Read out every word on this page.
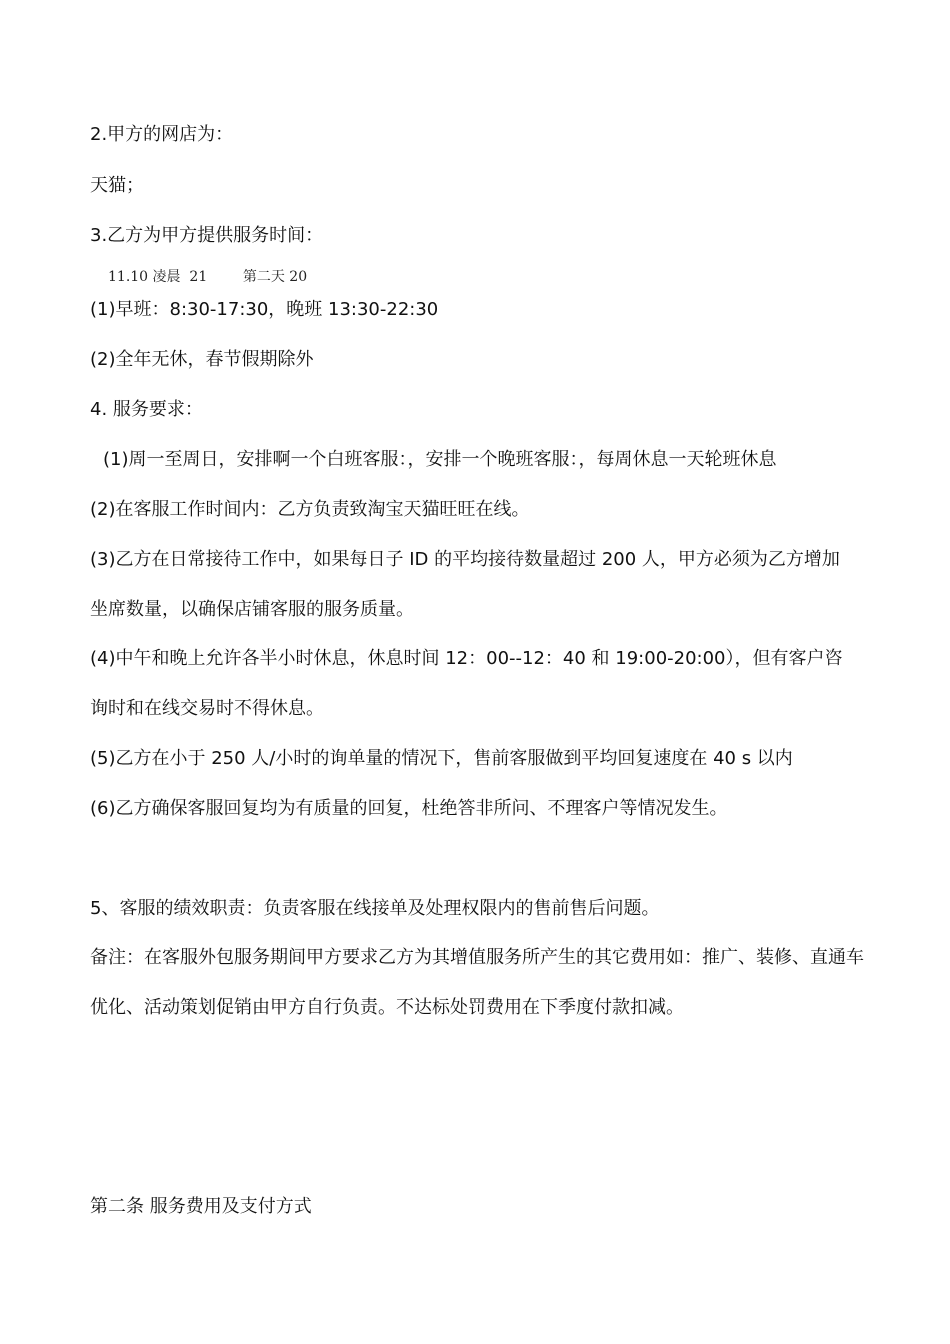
2.甲方的网店为：
天猫；
3.乙方为甲方提供服务时间：
11.10 凌晨  21        第二天 20
(1)早班：8:30-17:30，晚班 13:30-22:30
(2)全年无休，春节假期除外
4. 服务要求：
(1)周一至周日，安排啊一个白班客服：，安排一个晚班客服：，每周休息一天轮班休息
(2)在客服工作时间内：乙方负责致淘宝天猫旺旺在线。
(3)乙方在日常接待工作中，如果每日子 ID 的平均接待数量超过 200 人，甲方必须为乙方增加
坐席数量，以确保店铺客服的服务质量。
(4)中午和晚上允许各半小时休息，休息时间 12：00--12：40 和 19:00-20:00），但有客户咨
询时和在线交易时不得休息。
(5)乙方在小于 250 人/小时的询单量的情况下，售前客服做到平均回复速度在 40 s 以内
(6)乙方确保客服回复均为有质量的回复，杜绝答非所问、不理客户等情况发生。
5、客服的绩效职责：负责客服在线接单及处理权限内的售前售后问题。
备注：在客服外包服务期间甲方要求乙方为其增值服务所产生的其它费用如：推广、装修、直通车
优化、活动策划促销由甲方自行负责。不达标处罚费用在下季度付款扣减。
第二条 服务费用及支付方式
